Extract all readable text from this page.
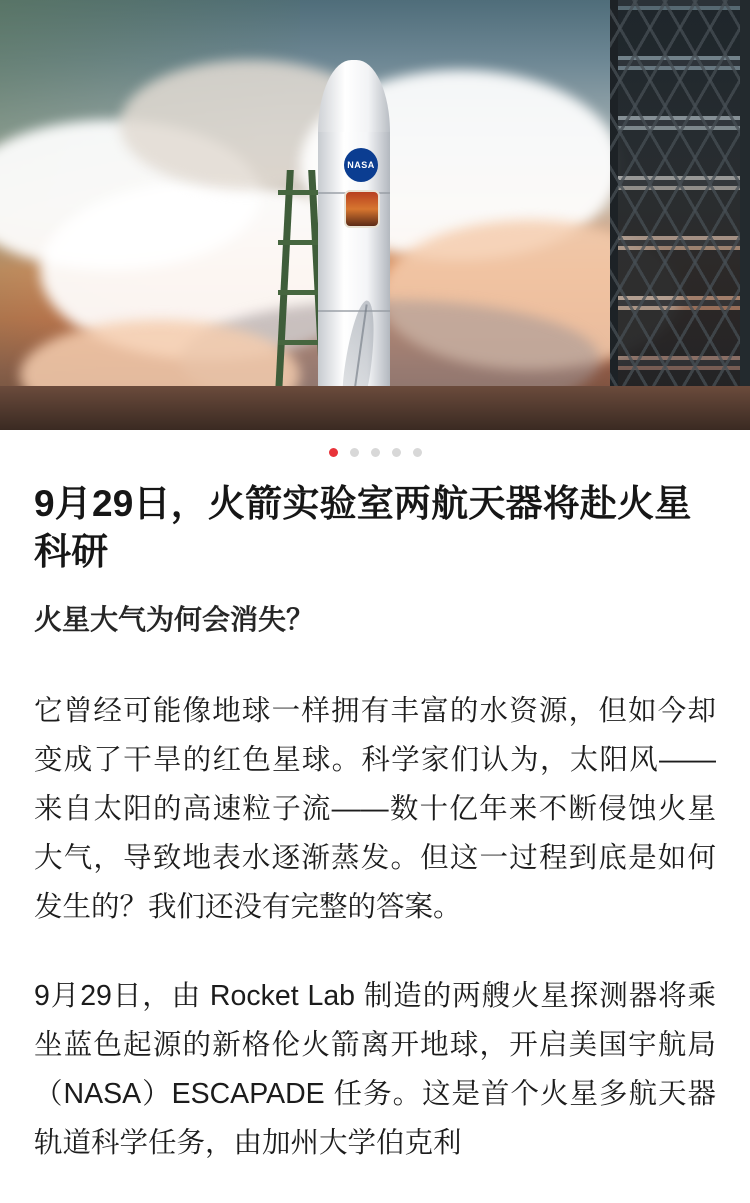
NASA
9月29日，火箭实验室两航天器将赴火星科研
火星大气为何会消失？

它曾经可能像地球一样拥有丰富的水资源，但如今却变成了干旱的红色星球。科学家们认为，太阳风——来自太阳的高速粒子流——数十亿年来不断侵蚀火星大气，导致地表水逐渐蒸发。但这一过程到底是如何发生的？我们还没有完整的答案。

9月29日，由 Rocket Lab 制造的两艘火星探测器将乘坐蓝色起源的新格伦火箭离开地球，开启美国宇航局（NASA）ESCAPADE 任务。这是首个火星多航天器轨道科学任务，由加州大学伯克利
